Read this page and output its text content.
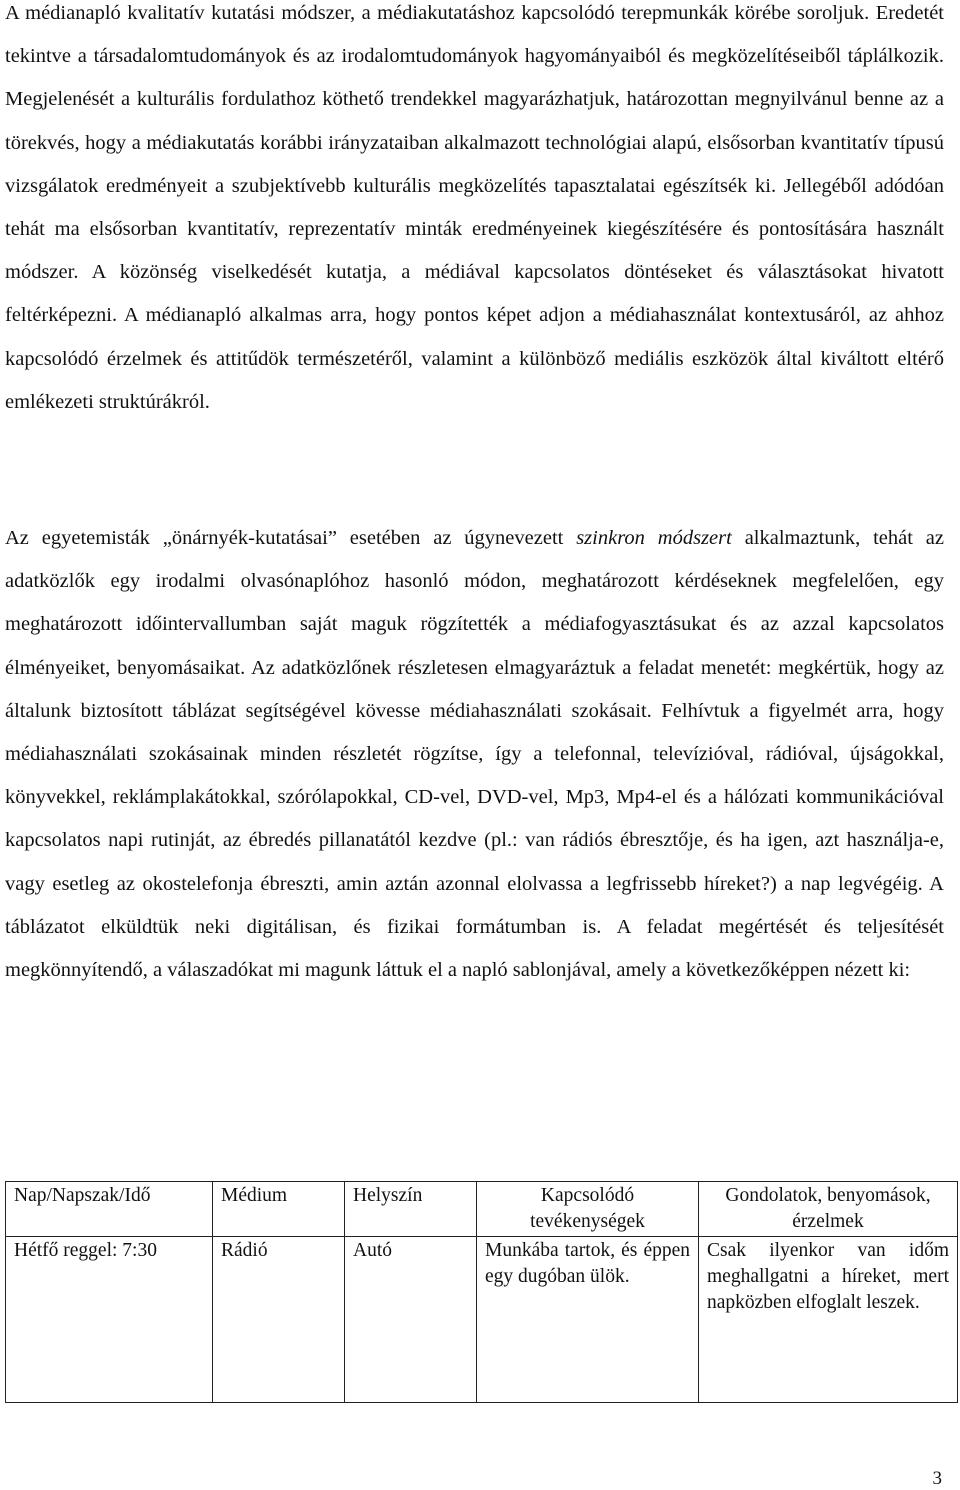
A médianapló kvalitatív kutatási módszer, a médiakutatáshoz kapcsolódó terepmunkák körébe soroljuk. Eredetét tekintve a társadalomtudományok és az irodalomtudományok hagyományaiból és megközelítéseiből táplálkozik. Megjelenését a kulturális fordulathoz köthető trendekkel magyarázhatjuk, határozottan megnyilvánul benne az a törekvés, hogy a médiakutatás korábbi irányzataiban alkalmazott technológiai alapú, elsősorban kvantitatív típusú vizsgálatok eredményeit a szubjektívebb kulturális megközelítés tapasztalatai egészítsék ki. Jellegéből adódóan tehát ma elsősorban kvantitatív, reprezentatív minták eredményeinek kiegészítésére és pontosítására használt módszer. A közönség viselkedését kutatja, a médiával kapcsolatos döntéseket és választásokat hivatott feltérképezni. A médianapló alkalmas arra, hogy pontos képet adjon a médiahasználat kontextusáról, az ahhoz kapcsolódó érzelmek és attitűdök természetéről, valamint a különböző mediális eszközök által kiváltott eltérő emlékezeti struktúrákról.

Az egyetemisták „önárnyék-kutatásai” esetében az úgynevezett szinkron módszert alkalmaztunk, tehát az adatközlők egy irodalmi olvasónaplóhoz hasonló módon, meghatározott kérdéseknek megfelelően, egy meghatározott időintervallumban saját maguk rögzítették a médiafogyasztásukat és az azzal kapcsolatos élményeiket, benyomásaikat. Az adatközlőnek részletesen elmagyaráztuk a feladat menetét: megkértük, hogy az általunk biztosított táblázat segítségével kövesse médiahasználati szokásait. Felhívtuk a figyelmét arra, hogy médiahasználati szokásainak minden részletét rögzítse, így a telefonnal, televízióval, rádióval, újságokkal, könyvekkel, reklámplakátokkal, szórólapokkal, CD-vel, DVD-vel, Mp3, Mp4-el és a hálózati kommunikációval kapcsolatos napi rutinját, az ébredés pillanatától kezdve (pl.: van rádiós ébresztője, és ha igen, azt használja-e, vagy esetleg az okostelefonja ébreszti, amin aztán azonnal elolvassa a legfrissebb híreket?) a nap legvégéig. A táblázatot elküldtük neki digitálisan, és fizikai formátumban is. A feladat megértését és teljesítését megkönnyítendő, a válaszadókat mi magunk láttuk el a napló sablonjával, amely a következőképpen nézett ki:

Nap/Napszak/Idő	Médium	Helyszín	Kapcsolódó tevékenységek	Gondolatok, benyomások, érzelmek
Hétfő reggel: 7:30	Rádió	Autó	Munkába tartok, és éppen egy dugóban ülök.	Csak ilyenkor van időm meghallgatni a híreket, mert napközben elfoglalt leszek.
3
